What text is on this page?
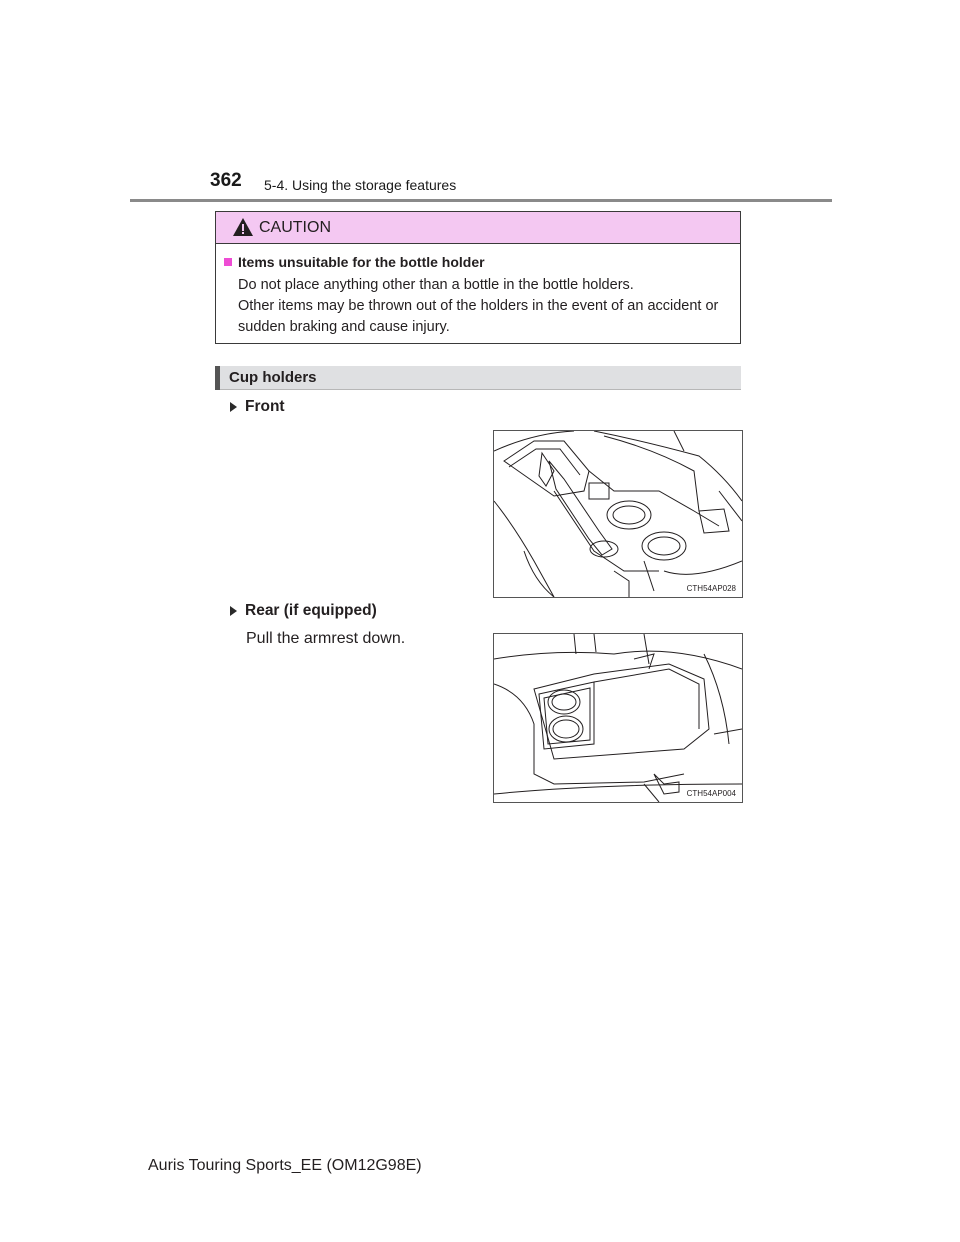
362 5-4. Using the storage features
CAUTION
Items unsuitable for the bottle holder
Do not place anything other than a bottle in the bottle holders.
Other items may be thrown out of the holders in the event of an accident or
sudden braking and cause injury.
Cup holders
Front
CTH54AP028
Rear (if equipped)
Pull the armrest down.
CTH54AP004
Auris Touring Sports_EE (OM12G98E)
